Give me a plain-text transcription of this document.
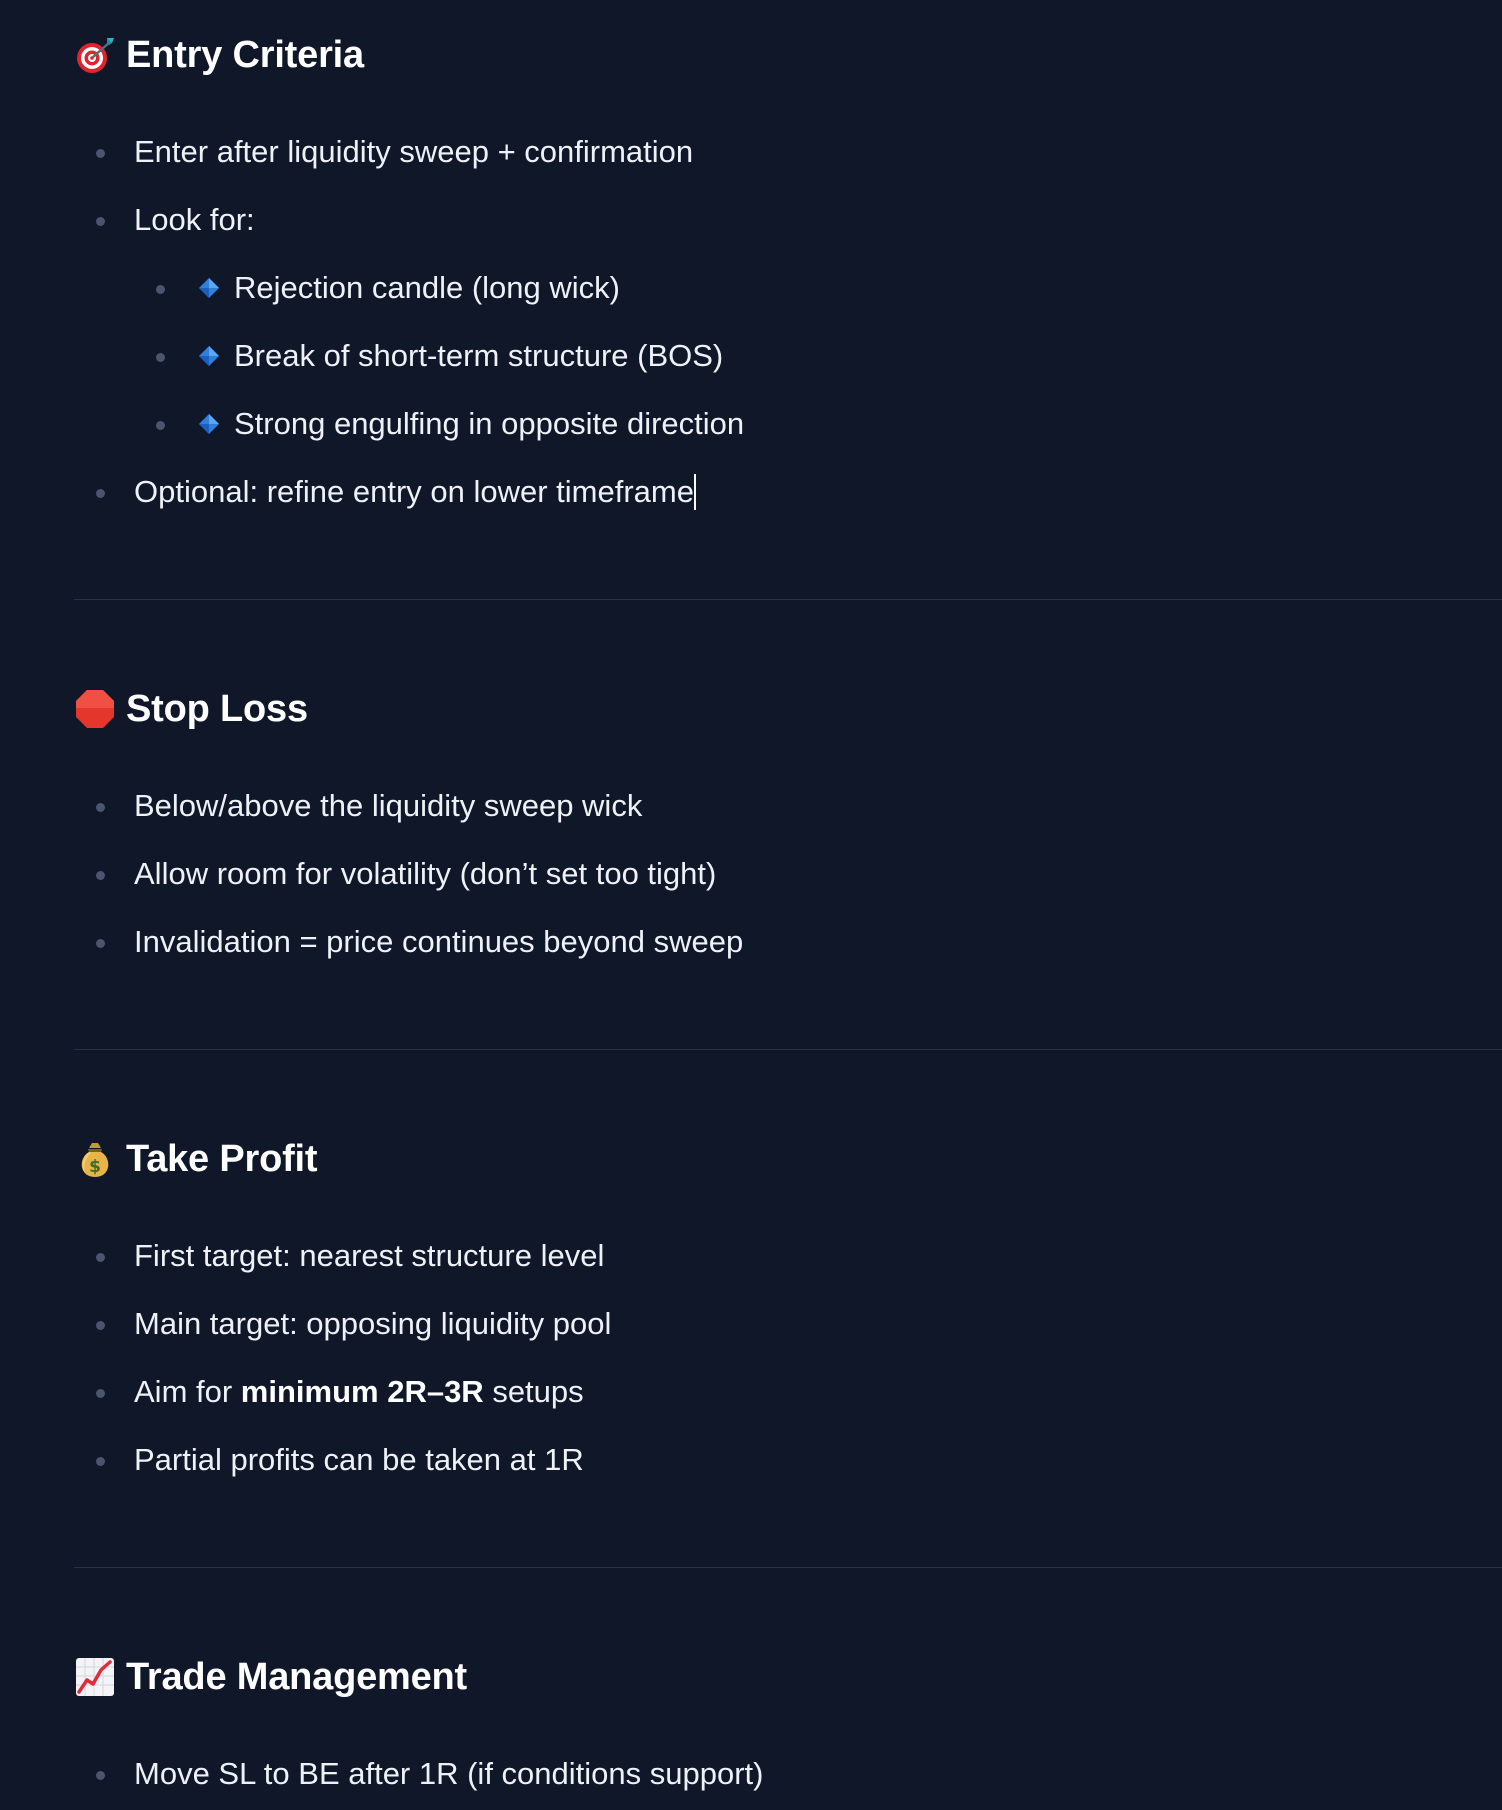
Entry Criteria
Enter after liquidity sweep + confirmation
Look for:
Rejection candle (long wick)
Break of short-term structure (BOS)
Strong engulfing in opposite direction
Optional: refine entry on lower timeframe
Stop Loss
Below/above the liquidity sweep wick
Allow room for volatility (don’t set too tight)
Invalidation = price continues beyond sweep
$ Take Profit
First target: nearest structure level
Main target: opposing liquidity pool
Aim for minimum 2R–3R setups
Partial profits can be taken at 1R
Trade Management
Move SL to BE after 1R (if conditions support)
